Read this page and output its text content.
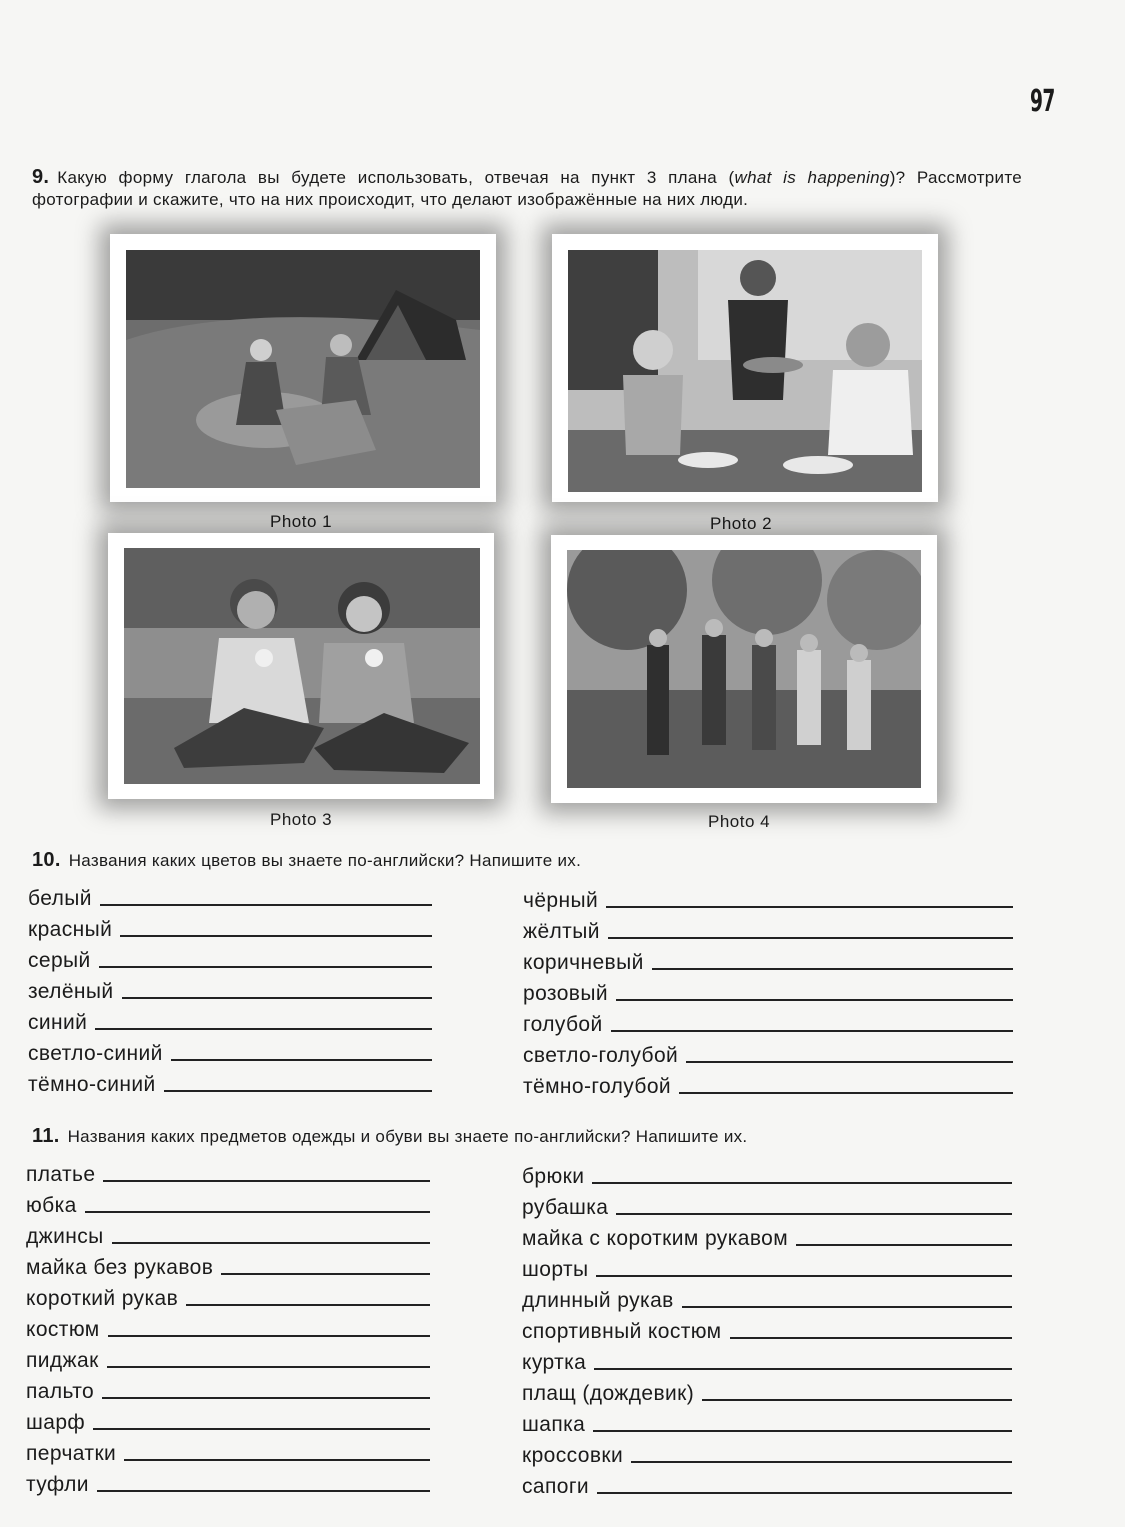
97
9. Какую форму глагола вы будете использовать, отвечая на пункт 3 плана (what is happening)? Рассмотрите фотографии и скажите, что на них происходит, что делают изображённые на них люди.
Photo 1	Photo 2
Photo 3	Photo 4
10. Названия каких цветов вы знаете по-английски? Напишите их.
белый
красный
серый
зелёный
синий
светло-синий
тёмно-синий
чёрный
жёлтый
коричневый
розовый
голубой
светло-голубой
тёмно-голубой
11. Названия каких предметов одежды и обуви вы знаете по-английски? Напишите их.
платье
юбка
джинсы
майка без рукавов
короткий рукав
костюм
пиджак
пальто
шарф
перчатки
туфли
брюки
рубашка
майка с коротким рукавом
шорты
длинный рукав
спортивный костюм
куртка
плащ (дождевик)
шапка
кроссовки
сапоги
